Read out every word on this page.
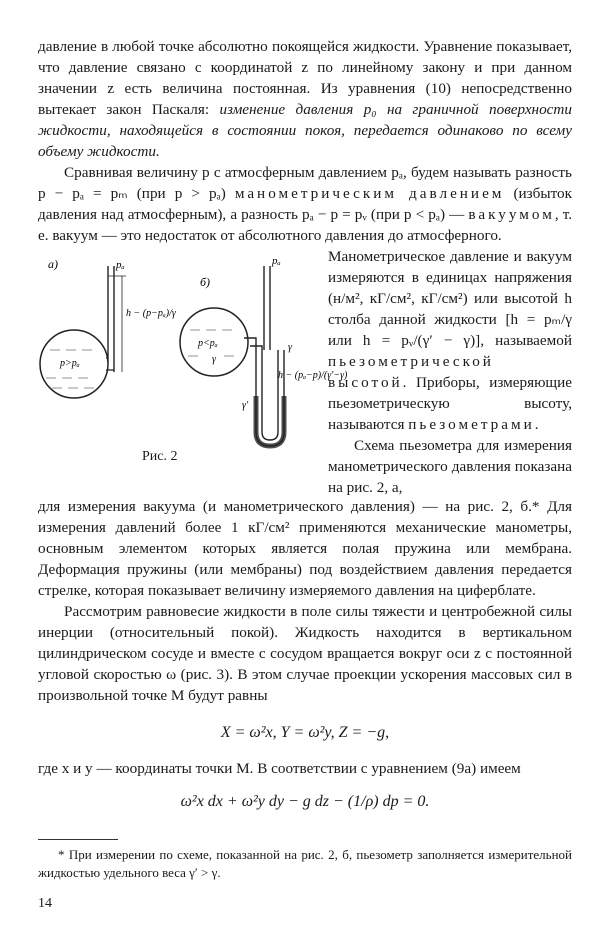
давление в любой точке абсолютно покоящейся жидкости. Уравнение показывает, что давление связано с координатой z по линейному закону и при данном значении z есть величина постоянная. Из уравнения (10) непосредственно вытекает закон Паскаля: изменение давления p₀ на граничной поверхности жидкости, находящейся в состоянии покоя, передается одинаково по всему объему жидкости.

Сравнивая величину p с атмосферным давлением pₐ, будем называть разность p − pₐ = pₘ (при p > pₐ) манометрическим давлением (избыток давления над атмосферным), а разность pₐ − p = pᵥ (при p < pₐ) — вакуумом, т. е. вакуум — это недостаток от абсолютного давления до атмосферного.

а)	pₐ
h − (p−pₐ)/γ
p>pₐ
б)
pₐ
p<pₐ
γ
γ
γ′
h − (pₐ−p)/(γ′−γ)
Рис. 2

Манометрическое давление и вакуум измеряются в единицах напряжения (н/м², кГ/см², кГ/см²) или высотой h столба данной жидкости [h = pₘ/γ или h = pᵥ/(γ′ − γ)], называемой пьезометрической высотой. Приборы, измеряющие пьезометрическую высоту, называются пьезометрами.

Схема пьезометра для измерения манометрического давления показана на рис. 2, а,

для измерения вакуума (и манометрического давления) — на рис. 2, б.* Для измерения давлений более 1 кГ/см² применяются механические манометры, основным элементом которых является полая пружина или мембрана. Деформация пружины (или мембраны) под воздействием давления передается стрелке, которая показывает величину измеряемого давления на циферблате.

Рассмотрим равновесие жидкости в поле силы тяжести и центробежной силы инерции (относительный покой). Жидкость находится в вертикальном цилиндрическом сосуде и вместе с сосудом вращается вокруг оси z с постоянной угловой скоростью ω (рис. 3). В этом случае проекции ускорения массовых сил в произвольной точке M будут равны

X = ω²x, Y = ω²y, Z = −g,

где x и y — координаты точки M. В соответствии с уравнением (9а) имеем

ω²x dx + ω²y dy − g dz − (1/ρ) dp = 0.

* При измерении по схеме, показанной на рис. 2, б, пьезометр заполняется измерительной жидкостью удельного веса γ′ > γ.

14
